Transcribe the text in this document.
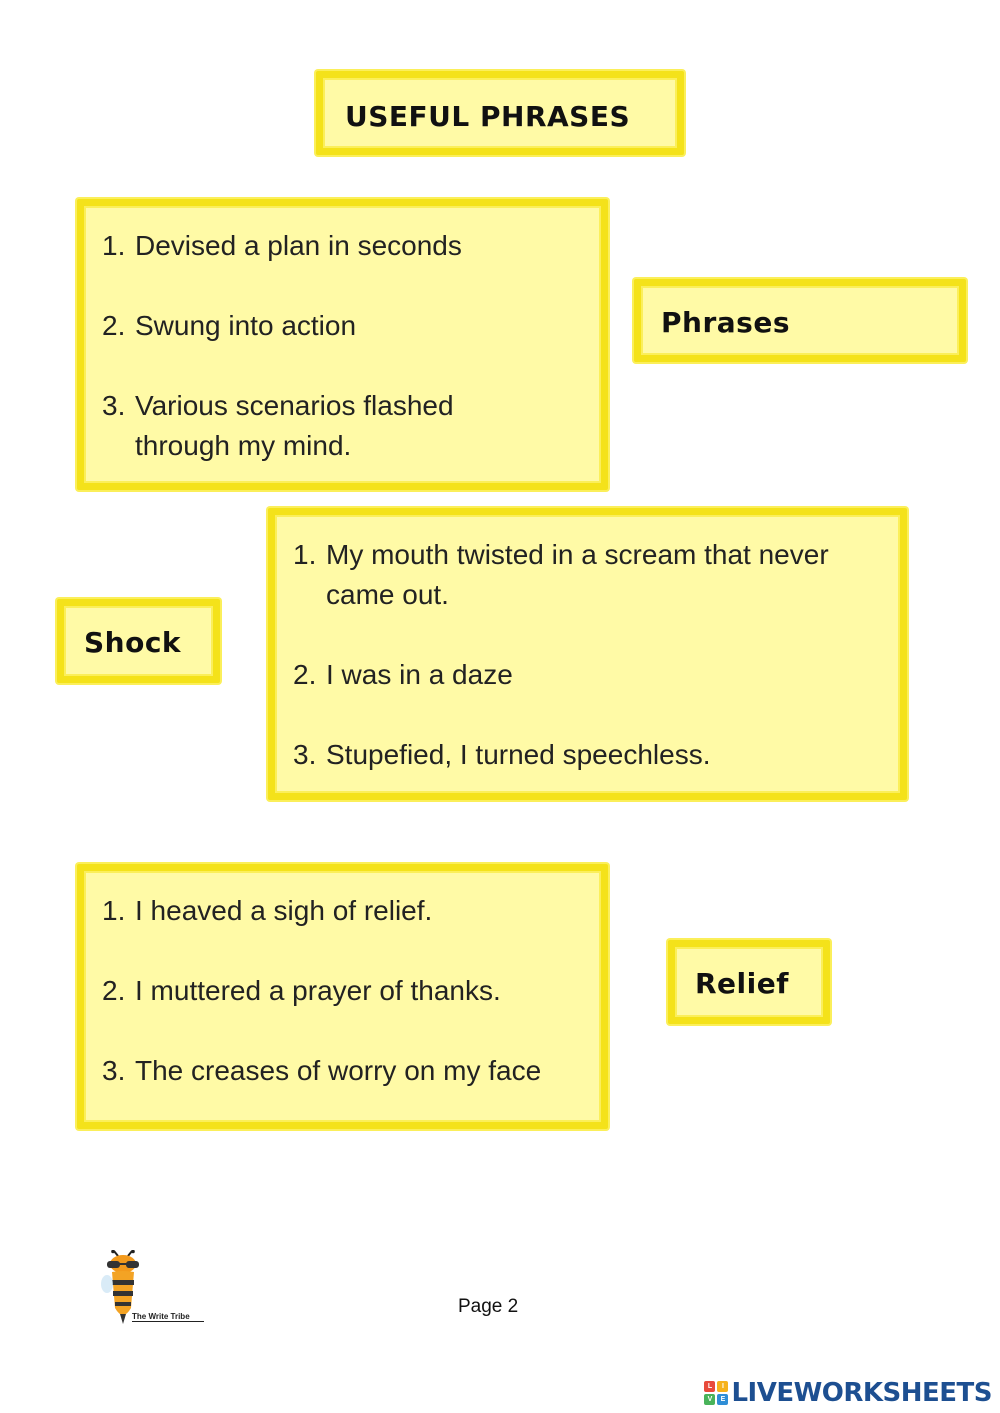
USEFUL PHRASES
1. Devised a plan in seconds
2. Swung into action
3. Various scenarios flashed through my mind.
Phrases
Shock
1. My mouth twisted in a scream that never came out.
2. I was in a daze
3. Stupefied, I turned speechless.
1. I heaved a sigh of relief.
2. I muttered a prayer of thanks.
3. The creases of worry on my face
Relief
The Write Tribe	Page 2
L	I
V	E LIVEWORKSHEETS
